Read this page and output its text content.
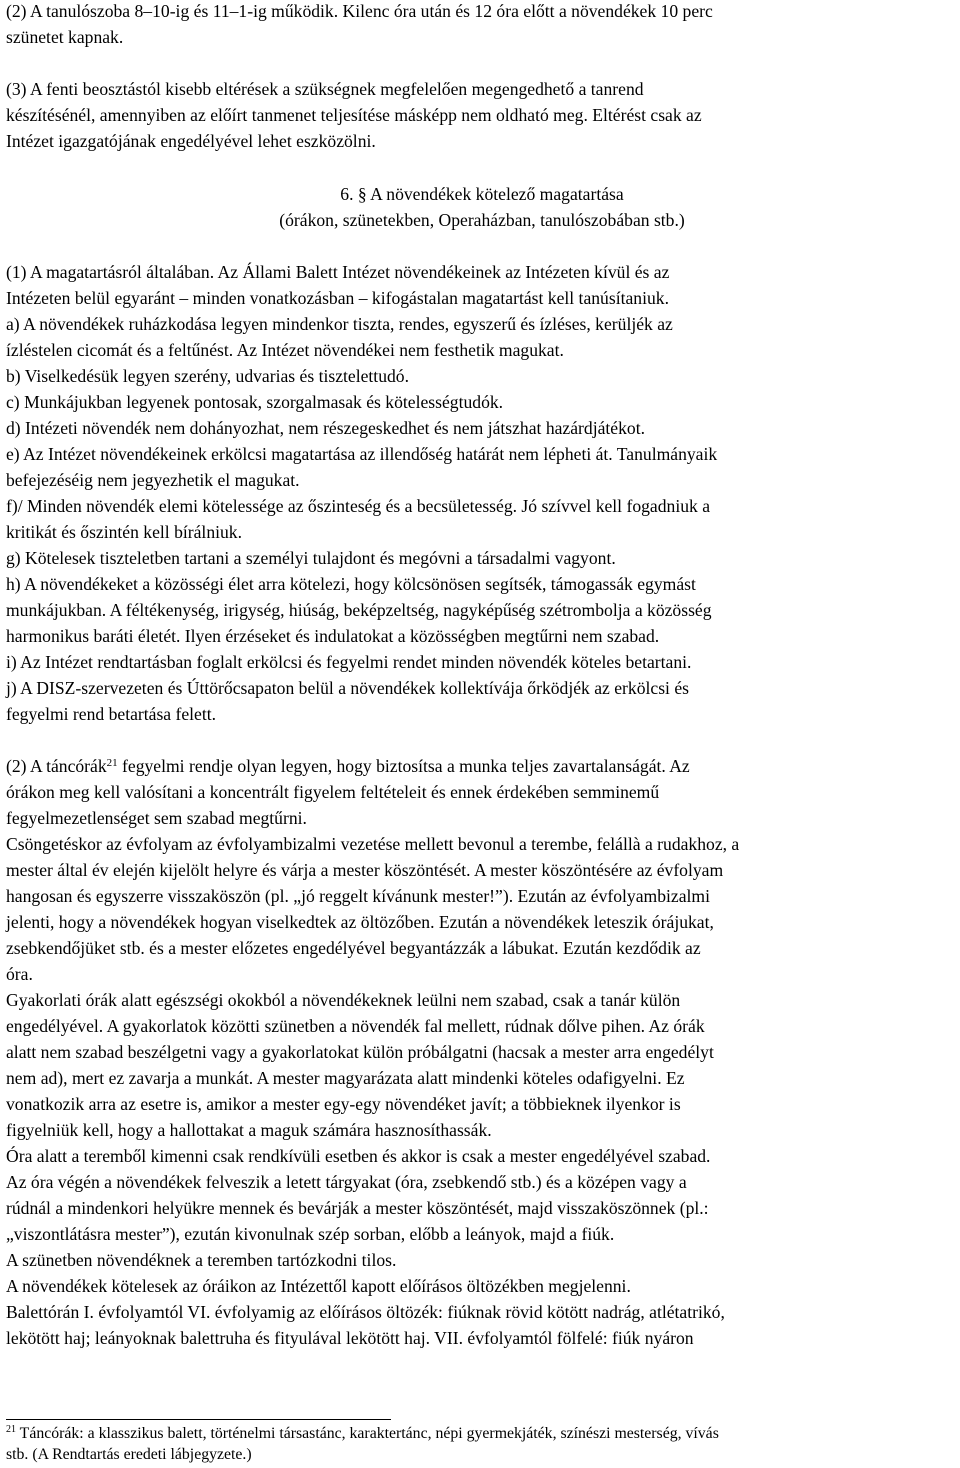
(2) A tanulószoba 8–10-ig és 11–1-ig működik. Kilenc óra után és 12 óra előtt a növendékek 10 perc
szünetet kapnak.
(3) A fenti beosztástól kisebb eltérések a szükségnek megfelelően megengedhető a tanrend
készítésénél, amennyiben az előírt tanmenet teljesítése másképp nem oldható meg. Eltérést csak az
Intézet igazgatójának engedélyével lehet eszközölni.
6. § A növendékek kötelező magatartása
(órákon, szünetekben, Operaházban, tanulószobában stb.)
(1) A magatartásról általában. Az Állami Balett Intézet növendékeinek az Intézeten kívül és az
Intézeten belül egyaránt – minden vonatkozásban – kifogástalan magatartást kell tanúsítaniuk.
a) A növendékek ruházkodása legyen mindenkor tiszta, rendes, egyszerű és ízléses, kerüljék az
ízléstelen cicomát és a feltűnést. Az Intézet növendékei nem festhetik magukat.
b) Viselkedésük legyen szerény, udvarias és tisztelettudó.
c) Munkájukban legyenek pontosak, szorgalmasak és kötelességtudók.
d) Intézeti növendék nem dohányozhat, nem részegeskedhet és nem játszhat hazárdjátékot.
e) Az Intézet növendékeinek erkölcsi magatartása az illendőség határát nem lépheti át. Tanulmányaik
befejezéséig nem jegyezhetik el magukat.
f)/ Minden növendék elemi kötelessége az őszinteség és a becsületesség. Jó szívvel kell fogadniuk a
kritikát és őszintén kell bírálniuk.
g) Kötelesek tiszteletben tartani a személyi tulajdont és megóvni a társadalmi vagyont.
h) A növendékeket a közösségi élet arra kötelezi, hogy kölcsönösen segítsék, támogassák egymást
munkájukban. A féltékenység, irigység, hiúság, beképzeltség, nagyképűség szétrombolja a közösség
harmonikus baráti életét. Ilyen érzéseket és indulatokat a közösségben megtűrni nem szabad.
i) Az Intézet rendtartásban foglalt erkölcsi és fegyelmi rendet minden növendék köteles betartani.
j) A DISZ-szervezeten és Úttörőcsapaton belül a növendékek kollektívája őrködjék az erkölcsi és
fegyelmi rend betartása felett.
(2) A táncórák$^{21}$ fegyelmi rendje olyan legyen, hogy biztosítsa a munka teljes zavartalanságát. Az
órákon meg kell valósítani a koncentrált figyelem feltételeit és ennek érdekében semminemű
fegyelmezetlenséget sem szabad megtűrni.
Csöngetéskor az évfolyam az évfolyambizalmi vezetése mellett bevonul a terembe, felállà a rudakhoz, a
mester által év elején kijelölt helyre és várja a mester köszöntését. A mester köszöntésére az évfolyam
hangosan és egyszerre visszaköszön (pl. „jó reggelt kívánunk mester!”). Ezután az évfolyambizalmi
jelenti, hogy a növendékek hogyan viselkedtek az öltözőben. Ezután a növendékek leteszik órájukat,
zsebkendőjüket stb. és a mester előzetes engedélyével begyantázzák a lábukat. Ezután kezdődik az
óra.
Gyakorlati órák alatt egészségi okokból a növendékeknek leülni nem szabad, csak a tanár külön
engedélyével. A gyakorlatok közötti szünetben a növendék fal mellett, rúdnak dőlve pihen. Az órák
alatt nem szabad beszélgetni vagy a gyakorlatokat külön próbálgatni (hacsak a mester arra engedélyt
nem ad), mert ez zavarja a munkát. A mester magyarázata alatt mindenki köteles odafigyelni. Ez
vonatkozik arra az esetre is, amikor a mester egy-egy növendéket javít; a többieknek ilyenkor is
figyelniük kell, hogy a hallottakat a maguk számára hasznosíthassák.
Óra alatt a teremből kimenni csak rendkívüli esetben és akkor is csak a mester engedélyével szabad.
Az óra végén a növendékek felveszik a letett tárgyakat (óra, zsebkendő stb.) és a középen vagy a
rúdnál a mindenkori helyükre mennek és bevárják a mester köszöntését, majd visszaköszönnek (pl.:
„viszontlátásra mester”), ezután kivonulnak szép sorban, előbb a leányok, majd a fiúk.
A szünetben növendéknek a teremben tartózkodni tilos.
A növendékek kötelesek az óráikon az Intézettől kapott előírásos öltözékben megjelenni.
Balettórán I. évfolyamtól VI. évfolyamig az előírásos öltözék: fiúknak rövid kötött nadrág, atlétatrikó,
lekötött haj; leányoknak balettruha és fityulával lekötött haj. VII. évfolyamtól fölfelé: fiúk nyáron
$^{21}$ Táncórák: a klasszikus balett, történelmi társastánc, karaktertánc, népi gyermekjáték, színészi mesterség, vívás
stb. (A Rendtartás eredeti lábjegyzete.)
